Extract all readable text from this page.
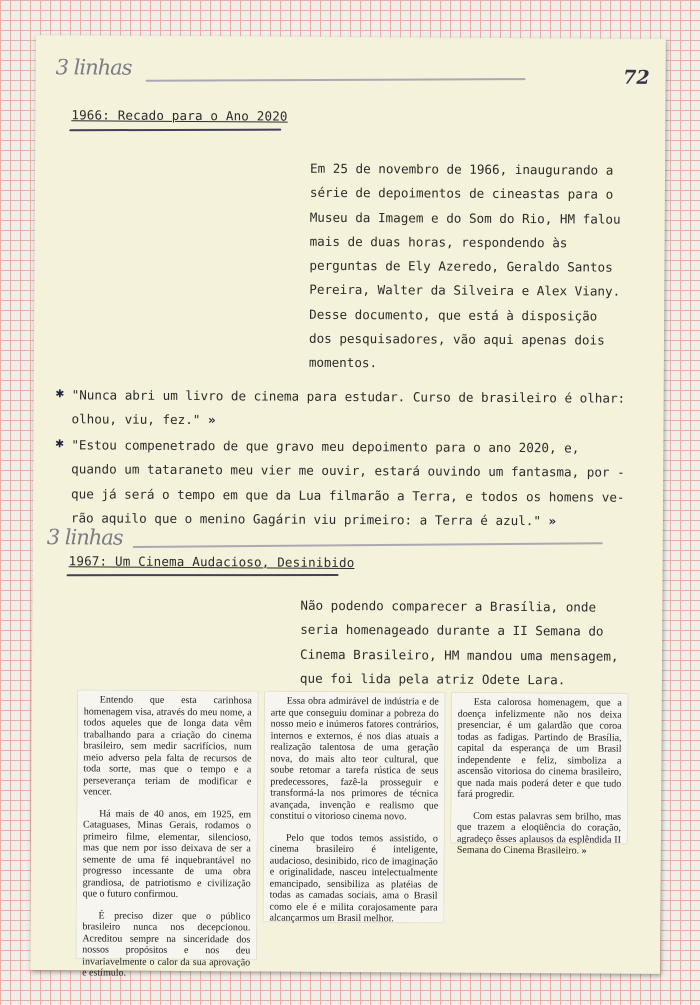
3 linhas	72
1966: Recado para o Ano 2020
Em 25 de novembro de 1966, inaugurando a
série de depoimentos de cineastas para o
Museu da Imagem e do Som do Rio, HM falou
mais de duas horas, respondendo às
perguntas de Ely Azeredo, Geraldo Santos
Pereira, Walter da Silveira e Alex Viany.
Desse documento, que está à disposição
dos pesquisadores, vão aqui apenas dois
momentos.
✱ "Nunca abri um livro de cinema para estudar. Curso de brasileiro é olhar:
olhou, viu, fez." »
✱ "Estou compenetrado de que gravo meu depoimento para o ano 2020, e,
quando um tataraneto meu vier me ouvir, estará ouvindo um fantasma, por -
que já será o tempo em que da Lua filmarão a Terra, e todos os homens ve-
rão aquilo que o menino Gagárin viu primeiro: a Terra é azul." »
3 linhas
1967: Um Cinema Audacioso, Desinibido
Não podendo comparecer a Brasília, onde
seria homenageado durante a II Semana do
Cinema Brasileiro, HM mandou uma mensagem,
que foi lida pela atriz Odete Lara.

Entendo que esta carinhosa homenagem visa, através do meu nome, a todos aqueles que de longa data vêm trabalhando para a criação do cinema brasileiro, sem medir sacrifícios, num meio adverso pela falta de recursos de toda sorte, mas que o tempo e a perseverança teriam de modificar e vencer.

Há mais de 40 anos, em 1925, em Cataguases, Minas Gerais, rodamos o primeiro filme, elementar, silencioso, mas que nem por isso deixava de ser a semente de uma fé inquebrantável no progresso incessante de uma obra grandiosa, de patriotismo e civilização que o futuro confirmou.

É preciso dizer que o público brasileiro nunca nos decepcionou. Acreditou sempre na sinceridade dos nossos propósitos e nos deu invariavelmente o calor da sua aprovação e estímulo.

Essa obra admirável de indústria e de arte que conseguiu dominar a pobreza do nosso meio e inúmeros fatores contrários, internos e externos, é nos dias atuais a realização talentosa de uma geração nova, do mais alto teor cultural, que soube retomar a tarefa rústica de seus predecessores, fazê-la prosseguir e transformá-la nos primores de técnica avançada, invenção e realismo que constitui o vitorioso cinema novo.

Pelo que todos temos assistido, o cinema brasileiro é inteligente, audacioso, desinibido, rico de imaginação e originalidade, nasceu intelectualmente emancipado, sensibiliza as platéias de todas as camadas sociais, ama o Brasil como ele é e milita corajosamente para alcançarmos um Brasil melhor.

Esta calorosa homenagem, que a doença infelizmente não nos deixa presenciar, é um galardão que coroa todas as fadigas. Partindo de Brasília, capital da esperança de um Brasil independente e feliz, simboliza a ascensão vitoriosa do cinema brasileiro, que nada mais poderá deter e que tudo fará progredir.

Com estas palavras sem brilho, mas que trazem a eloqüência do coração, agradeço êsses aplausos da esplêndida II Semana do Cinema Brasileiro. »
